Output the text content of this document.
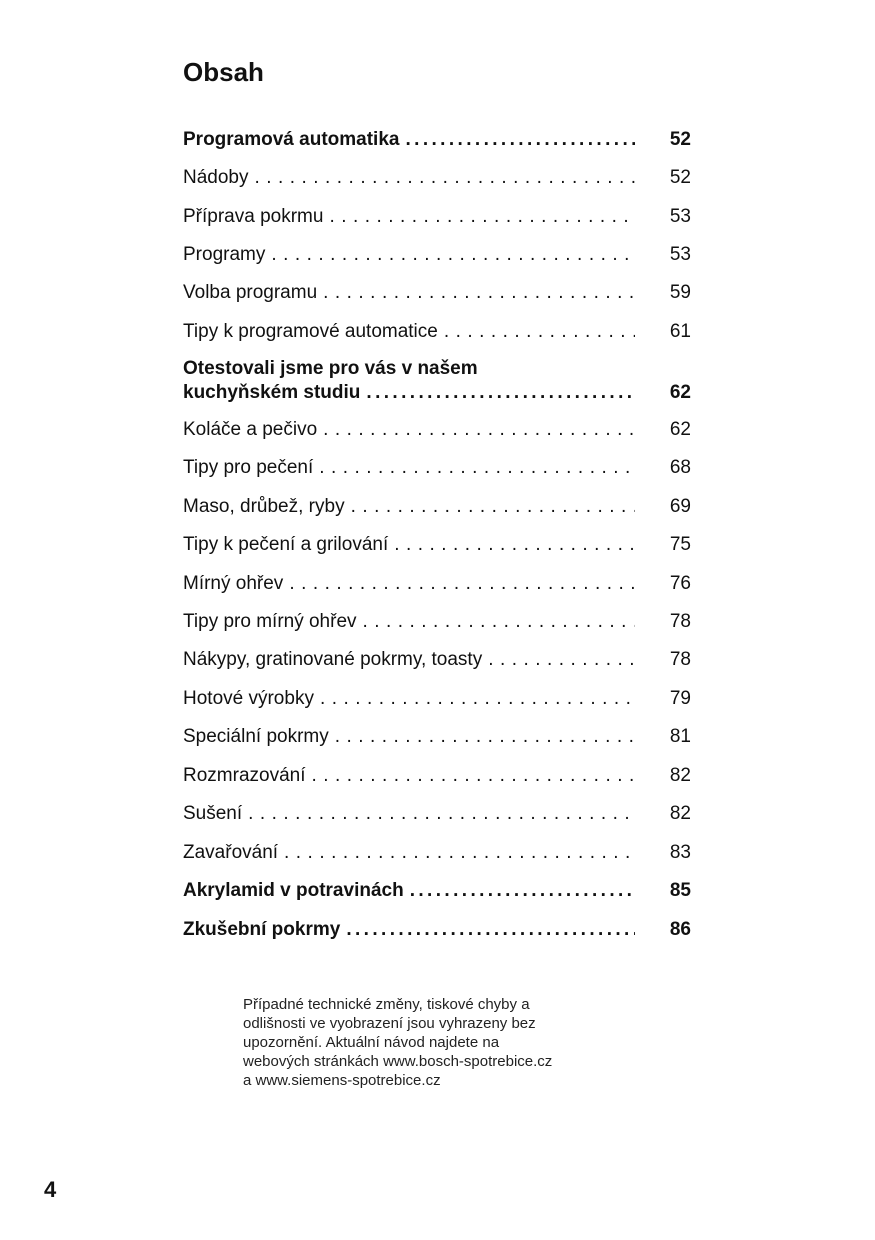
Obsah
Programová automatika .....	52
Nádoby . . .	52
Příprava pokrmu . . .	53
Programy . . .	53
Volba programu . . .	59
Tipy k programové automatice . . .	61
Otestovali jsme pro vás v našem
kuchyňském studiu .....	62
Koláče a pečivo . . .	62
Tipy pro pečení . . .	68
Maso, drůbež, ryby . . .	69
Tipy k pečení a grilování . . .	75
Mírný ohřev . . .	76
Tipy pro mírný ohřev . . .	78
Nákypy, gratinované pokrmy, toasty . . .	78
Hotové výrobky . . .	79
Speciální pokrmy . . .	81
Rozmrazování . . .	82
Sušení . . .	82
Zavařování . . .	83
Akrylamid v potravinách .....	85
Zkušební pokrmy .....	86
Případné technické změny, tiskové chyby a
odlišnosti ve vyobrazení jsou vyhrazeny bez
upozornění. Aktuální návod najdete na
webových stránkách www.bosch-spotrebice.cz
a www.siemens-spotrebice.cz
4
